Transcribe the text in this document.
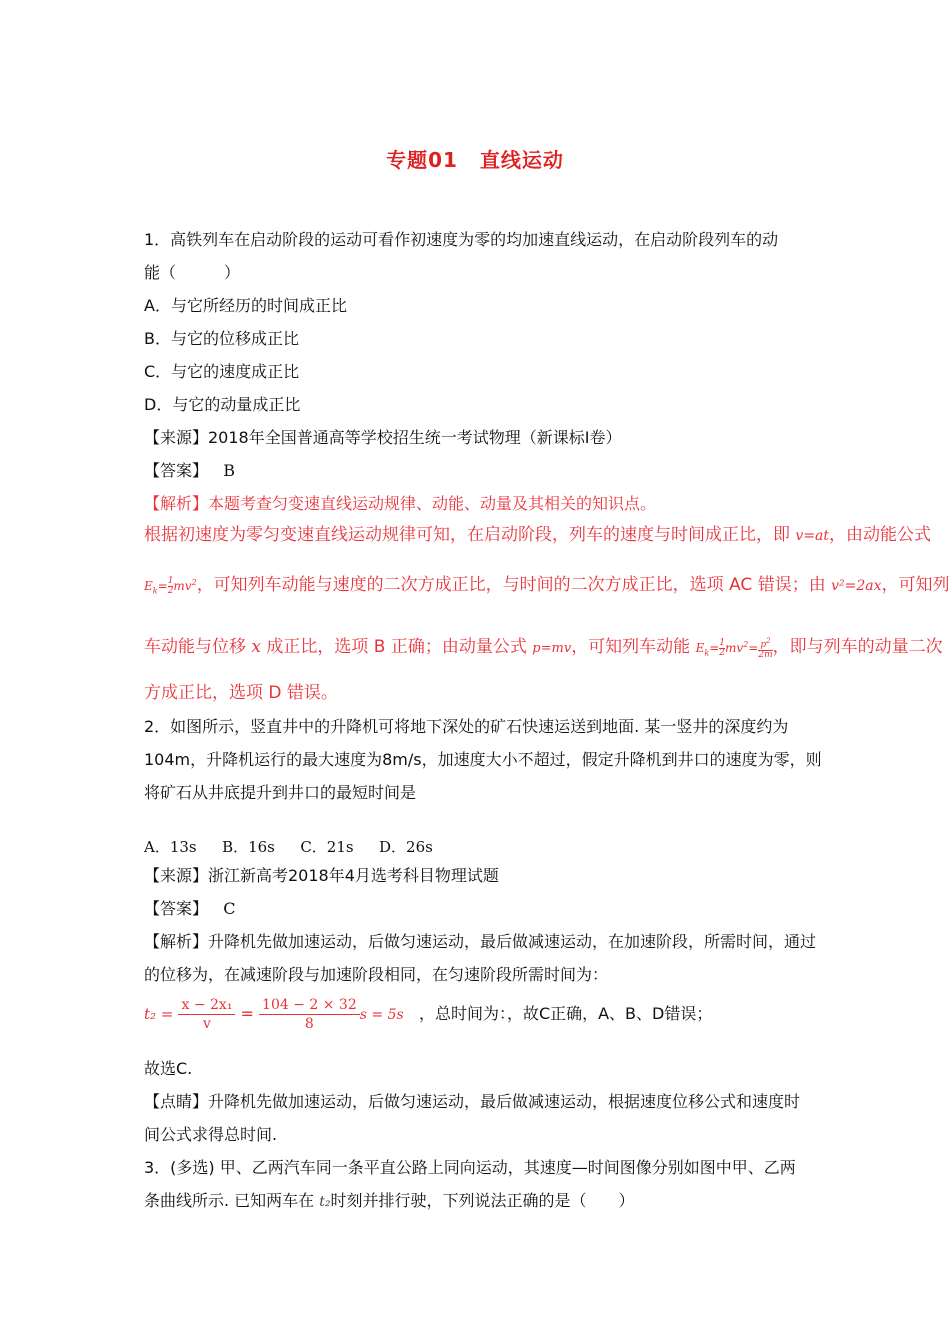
专题01 直线运动
1．高铁列车在启动阶段的运动可看作初速度为零的均加速直线运动，在启动阶段列车的动
能（　　　）
A．与它所经历的时间成正比
B．与它的位移成正比
C．与它的速度成正比
D．与它的动量成正比
【来源】2018年全国普通高等学校招生统一考试物理（新课标Ⅰ卷）
【答案】 B
【解析】本题考查匀变速直线运动规律、动能、动量及其相关的知识点。
根据初速度为零匀变速直线运动规律可知，在启动阶段，列车的速度与时间成正比，即 v=at，由动能公式
$E_k= \frac{1}{2} mv^2$，可知列车动能与速度的二次方成正比，与时间的二次方成正比，选项 AC 错误；由 v²=2ax，可知列
车动能与位移 x 成正比，选项 B 正确；由动量公式 p=mv，可知列车动能 $E_k= \frac{1}{2} mv^2= \frac{p^2}{2m}$ ，即与列车的动量二次
方成正比，选项 D 错误。
2．如图所示，竖直井中的升降机可将地下深处的矿石快速运送到地面. 某一竖井的深度约为
104m，升降机运行的最大速度为8m/s，加速度大小不超过，假定升降机到井口的速度为零，则
将矿石从井底提升到井口的最短时间是
A．13s B．16s C．21s D．26s
【来源】浙江新高考2018年4月选考科目物理试题
【答案】 C
【解析】升降机先做加速运动，后做匀速运动，最后做减速运动，在加速阶段，所需时间，通过
的位移为，在减速阶段与加速阶段相同，在匀速阶段所需时间为：
$t_2 = \frac{\text{x − 2x₁}}{v} = \frac{104 - 2 \times 32}{8}$ s = 5s ，总时间为：，故C正确，A、B、D错误；
故选C.
【点睛】升降机先做加速运动，后做匀速运动，最后做减速运动，根据速度位移公式和速度时
间公式求得总时间.
3．(多选) 甲、乙两汽车同一条平直公路上同向运动，其速度—时间图像分别如图中甲、乙两
条曲线所示. 已知两车在 t₂时刻并排行驶，下列说法正确的是（　　）
